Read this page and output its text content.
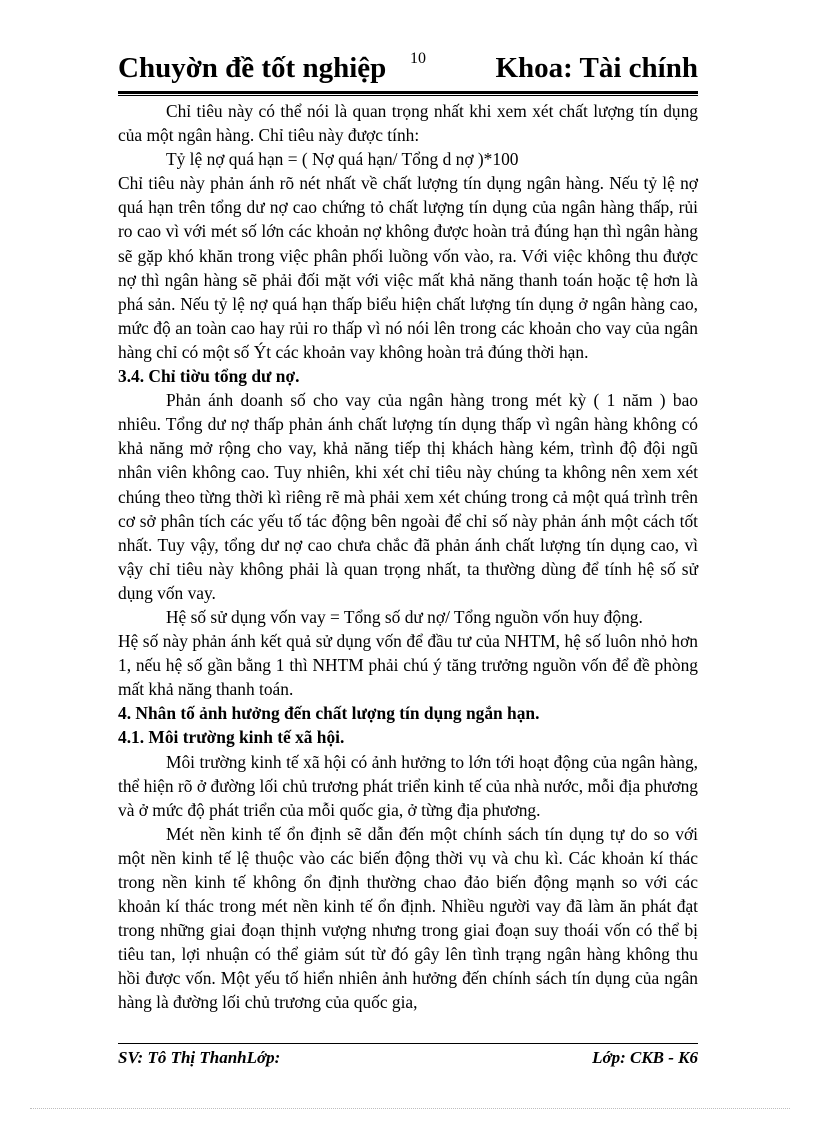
Chuyờn đề tốt nghiệp 10 Khoa: Tài chính

Chỉ tiêu này có thể nói là quan trọng nhất khi xem xét chất lượng tín dụng của một ngân hàng. Chỉ tiêu này được tính:

Tỷ lệ nợ quá hạn = ( Nợ quá hạn/ Tổng d nợ )*100

Chỉ tiêu này phản ánh rõ nét nhất về chất lượng tín dụng ngân hàng. Nếu tỷ lệ nợ quá hạn trên tổng dư nợ cao chứng tỏ chất lượng tín dụng của ngân hàng thấp, rủi ro cao vì với mét số lớn các khoản nợ không được hoàn trả đúng hạn thì ngân hàng sẽ gặp khó khăn trong việc phân phối luồng vốn vào, ra. Với việc không thu được nợ thì ngân hàng sẽ phải đối mặt với việc mất khả năng thanh toán hoặc tệ hơn là phá sản. Nếu tỷ lệ nợ quá hạn thấp biểu hiện chất lượng tín dụng ở ngân hàng cao, mức độ an toàn cao hay rủi ro thấp vì nó nói lên trong các khoản cho vay của ngân hàng chỉ có một số Ýt các khoản vay không hoàn trả đúng thời hạn.

3.4. Chỉ tiờu tổng dư nợ.

Phản ánh doanh số cho vay của ngân hàng trong mét kỳ ( 1 năm ) bao nhiêu. Tổng dư nợ thấp phản ánh chất lượng tín dụng thấp vì ngân hàng không có khả năng mở rộng cho vay, khả năng tiếp thị khách hàng kém, trình độ đội ngũ nhân viên không cao. Tuy nhiên, khi xét chỉ tiêu này chúng ta không nên xem xét chúng theo từng thời kì riêng rẽ mà phải xem xét chúng trong cả một quá trình trên cơ sở phân tích các yếu tố tác động bên ngoài để chỉ số này phản ánh một cách tốt nhất. Tuy vậy, tổng dư nợ cao chưa chắc đã phản ánh chất lượng tín dụng cao, vì vậy chỉ tiêu này không phải là quan trọng nhất, ta thường dùng để tính hệ số sử dụng vốn vay.

Hệ số sử dụng vốn vay = Tổng số dư nợ/ Tổng nguồn vốn huy động.

Hệ số này phản ánh kết quả sử dụng vốn để đầu tư của NHTM, hệ số luôn nhỏ hơn 1, nếu hệ số gần bằng 1 thì NHTM phải chú ý tăng trưởng nguồn vốn để đề phòng mất khả năng thanh toán.

4. Nhân tố ảnh hưởng đến chất lượng tín dụng ngắn hạn.

4.1. Môi trường kinh tế xã hội.

Môi trường kinh tế xã hội có ảnh hưởng to lớn tới hoạt động của ngân hàng, thể hiện rõ ở đường lối chủ trương phát triển kinh tế của nhà nước, mỗi địa phương và ở mức độ phát triển của mỗi quốc gia, ở từng địa phương.

Mét nền kinh tế ổn định sẽ dẫn đến một chính sách tín dụng tự do so với một nền kinh tế lệ thuộc vào các biến động thời vụ và chu kì. Các khoản kí thác trong nền kinh tế không ổn định thường chao đảo biến động mạnh so với các khoản kí thác trong mét nền kinh tế ổn định. Nhiều người vay đã làm ăn phát đạt trong những giai đoạn thịnh vượng nhưng trong giai đoạn suy thoái vốn có thể bị tiêu tan, lợi nhuận có thể giảm sút từ đó gây lên tình trạng ngân hàng không thu hồi được vốn. Một yếu tố hiển nhiên ảnh hưởng đến chính sách tín dụng của ngân hàng là đường lối chủ trương của quốc gia,

SV: Tô Thị ThanhLớp:	Lớp: CKB - K6
